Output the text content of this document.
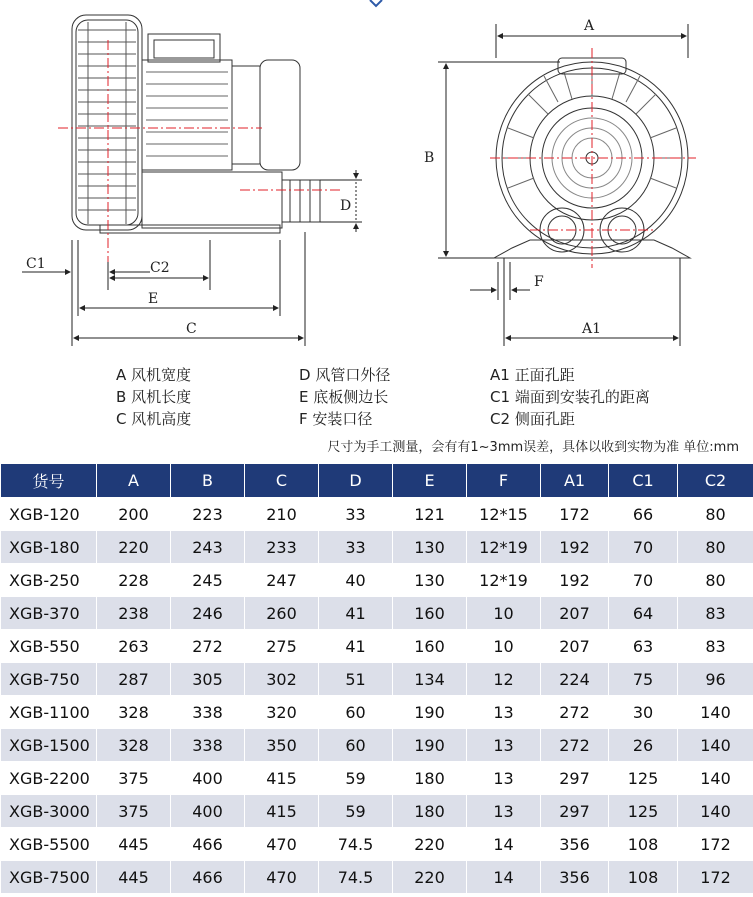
C1	C2
E
C
D
A
B
F
A1
A 风机宽度
B 风机长度
C 风机高度
D 风管口外径
E 底板侧边长
F 安装口径
A1 正面孔距
C1 端面到安装孔的距离
C2 侧面孔距
尺寸为手工测量，会有有1~3mm误差，具体以收到实物为准 单位:mm
货号	A	B	C	D	E	F	A1	C1	C2
XGB-120	200	223	210	33	121	12*15	172	66	80
XGB-180	220	243	233	33	130	12*19	192	70	80
XGB-250	228	245	247	40	130	12*19	192	70	80
XGB-370	238	246	260	41	160	10	207	64	83
XGB-550	263	272	275	41	160	10	207	63	83
XGB-750	287	305	302	51	134	12	224	75	96
XGB-1100	328	338	320	60	190	13	272	30	140
XGB-1500	328	338	350	60	190	13	272	26	140
XGB-2200	375	400	415	59	180	13	297	125	140
XGB-3000	375	400	415	59	180	13	297	125	140
XGB-5500	445	466	470	74.5	220	14	356	108	172
XGB-7500	445	466	470	74.5	220	14	356	108	172
